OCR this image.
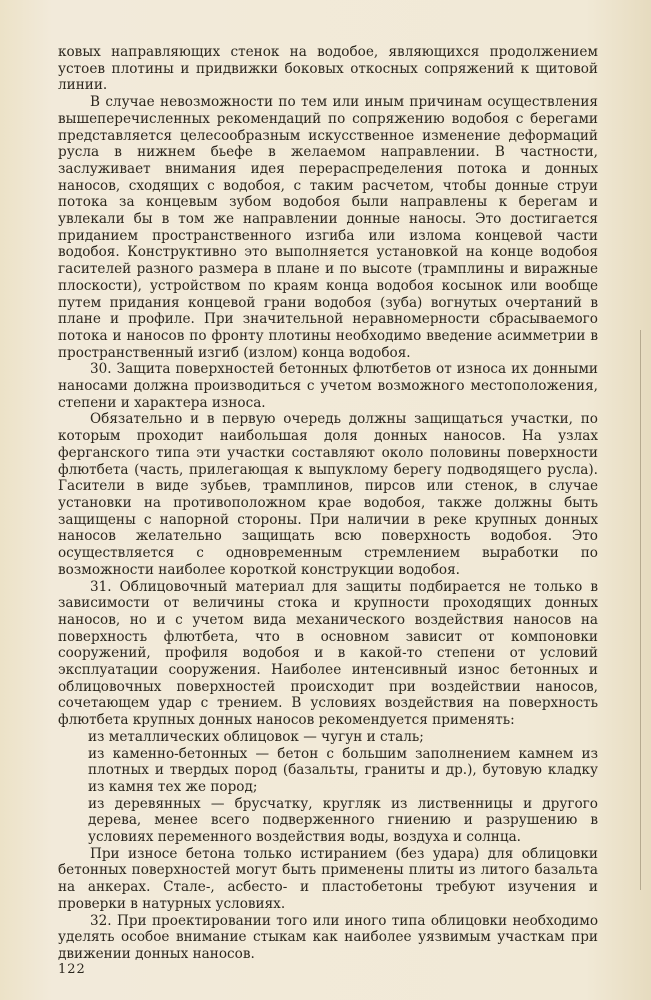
ковых направляющих стенок на водобое, являющихся продолжением устоев плотины и придвижки боковых откосных сопряжений к щитовой линии.

В случае невозможности по тем или иным причинам осуществления вышеперечисленных рекомендаций по сопряжению водобоя с берегами представляется целесообразным искусственное изменение деформаций русла в нижнем бьефе в желаемом направлении. В частности, заслуживает внимания идея перераспределения потока и донных наносов, сходящих с водобоя, с таким расчетом, чтобы донные струи потока за концевым зубом водобоя были направлены к берегам и увлекали бы в том же направлении донные наносы. Это достигается приданием пространственного изгиба или излома концевой части водобоя. Конструктивно это выполняется установкой на конце водобоя гасителей разного размера в плане и по высоте (трамплины и виражные плоскости), устройством по краям конца водобоя косынок или вообще путем придания концевой грани водобоя (зуба) вогнутых очертаний в плане и профиле. При значительной неравномерности сбрасываемого потока и наносов по фронту плотины необходимо введение асимметрии в пространственный изгиб (излом) конца водобоя.

30. Защита поверхностей бетонных флютбетов от износа их донными наносами должна производиться с учетом возможного местоположения, степени и характера износа.

Обязательно и в первую очередь должны защищаться участки, по которым проходит наибольшая доля донных наносов. На узлах ферганского типа эти участки составляют около половины поверхности флютбета (часть, прилегающая к выпуклому берегу подводящего русла). Гасители в виде зубьев, трамплинов, пирсов или стенок, в случае установки на противоположном крае водобоя, также должны быть защищены с напорной стороны. При наличии в реке крупных донных наносов желательно защищать всю поверхность водобоя. Это осуществляется с одновременным стремлением выработки по возможности наиболее короткой конструкции водобоя.

31. Облицовочный материал для защиты подбирается не только в зависимости от величины стока и крупности проходящих донных наносов, но и с учетом вида механического воздействия наносов на поверхность флютбета, что в основном зависит от компоновки сооружений, профиля водобоя и в какой-то степени от условий эксплуатации сооружения. Наиболее интенсивный износ бетонных и облицовочных поверхностей происходит при воздействии наносов, сочетающем удар с трением. В условиях воздействия на поверхность флютбета крупных донных наносов рекомендуется применять:

из металлических облицовок — чугун и сталь;

из каменно-бетонных — бетон с большим заполнением камнем из плотных и твердых пород (базальты, граниты и др.), бутовую кладку из камня тех же пород;

из деревянных — брусчатку, кругляк из лиственницы и другого дерева, менее всего подверженного гниению и разрушению в условиях переменного воздействия воды, воздуха и солнца.

При износе бетона только истиранием (без удара) для облицовки бетонных поверхностей могут быть применены плиты из литого базальта на анкерах. Стале-, асбесто- и пластобетоны требуют изучения и проверки в натурных условиях.

32. При проектировании того или иного типа облицовки необходимо уделять особое внимание стыкам как наиболее уязвимым участкам при движении донных наносов.

122
